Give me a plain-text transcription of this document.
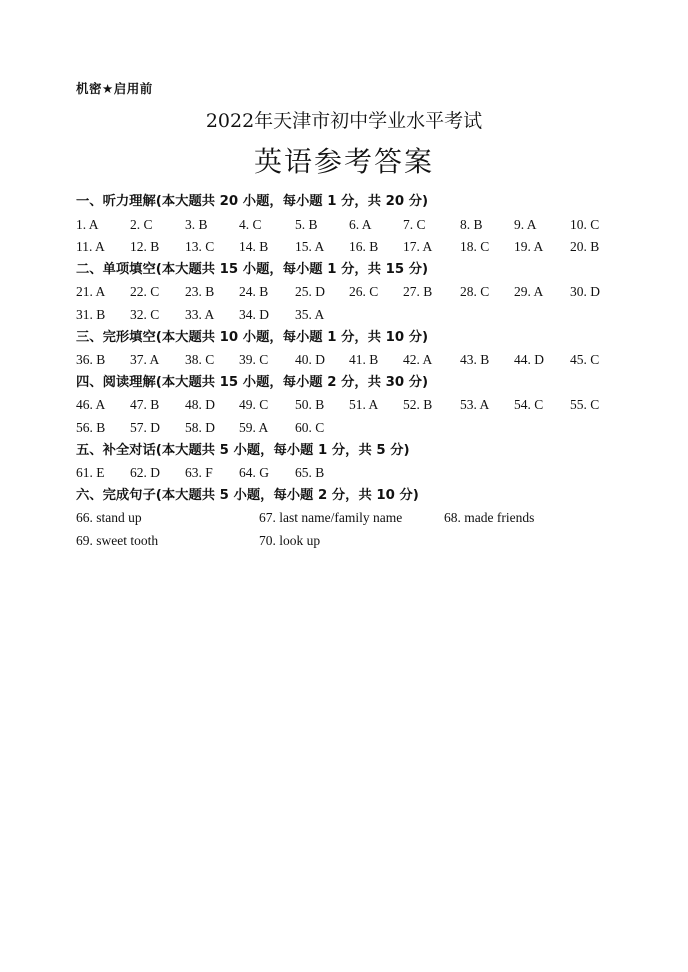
机密★启用前
2022年天津市初中学业水平考试
英语参考答案
一、听力理解(本大题共 20 小题，每小题 1 分，共 20 分)
1 . A 2 . C 3 . B 4 . C 5 . B 6 . A 7 . C	8 . B 9 . A 10 . C
11 . A 12 . B 13 . C 14 . B 15 . A 16 . B 17 . A 18 . C 19 . A 20 . B
二、单项填空(本大题共 15 小题，每小题 1 分，共 15 分)
21 . A 22 . C 23 . B 24 . B 25 . D 26 . C 27 . B 28 . C 29 . A 30 . D
31 . B 32 . C 33 . A 34 . D 35 . A
三、完形填空(本大题共 10 小题，每小题 1 分，共 10 分)
36 . B 37 . A 38 . C 39 . C 40 . D 41 . B 42 . A 43 . B 44 . D 45 . C
四、阅读理解(本大题共 15 小题，每小题 2 分，共 30 分)
46 . A 47 . B 48 . D 49 . C 50 . B 51 . A 52 . B 53 . A 54 . C 55 . C
56 . B 57 . D 58 . D 59 . A 60 . C
五、补全对话(本大题共 5 小题，每小题 1 分，共 5 分)
61 . E 62 . D 63 . F 64 . G 65 . B
六、完成句子(本大题共 5 小题，每小题 2 分，共 10 分)
66. stand up	67. last name/family name	68. made friends
69. sweet tooth	70. look up
